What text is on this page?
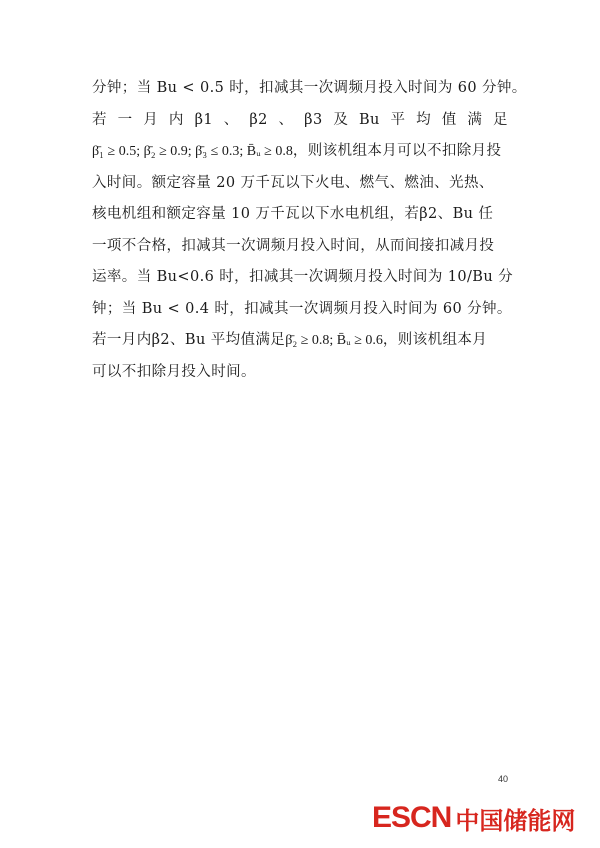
分钟；当 Bu < 0.5 时，扣减其一次调频月投入时间为 60 分钟。
若 一 月 内 β1 、 β2 、 β3 及 Bu 平 均 值 满 足
β̄₁ ≥ 0.5; β̄₂ ≥ 0.9; β̄₃ ≤ 0.3; B̄ᵤ ≥ 0.8，则该机组本月可以不扣除月投
入时间。额定容量 20 万千瓦以下火电、燃气、燃油、光热、
核电机组和额定容量 10 万千瓦以下水电机组，若β2、Bu 任
一项不合格，扣减其一次调频月投入时间，从而间接扣减月投
运率。当 Bu<0.6 时，扣减其一次调频月投入时间为 10/Bu 分
钟；当 Bu < 0.4 时，扣减其一次调频月投入时间为 60 分钟。
若一月内β2、Bu 平均值满足β̄₂ ≥ 0.8; B̄ᵤ ≥ 0.6，则该机组本月
可以不扣除月投入时间。
40
ESCN 中国储能网
